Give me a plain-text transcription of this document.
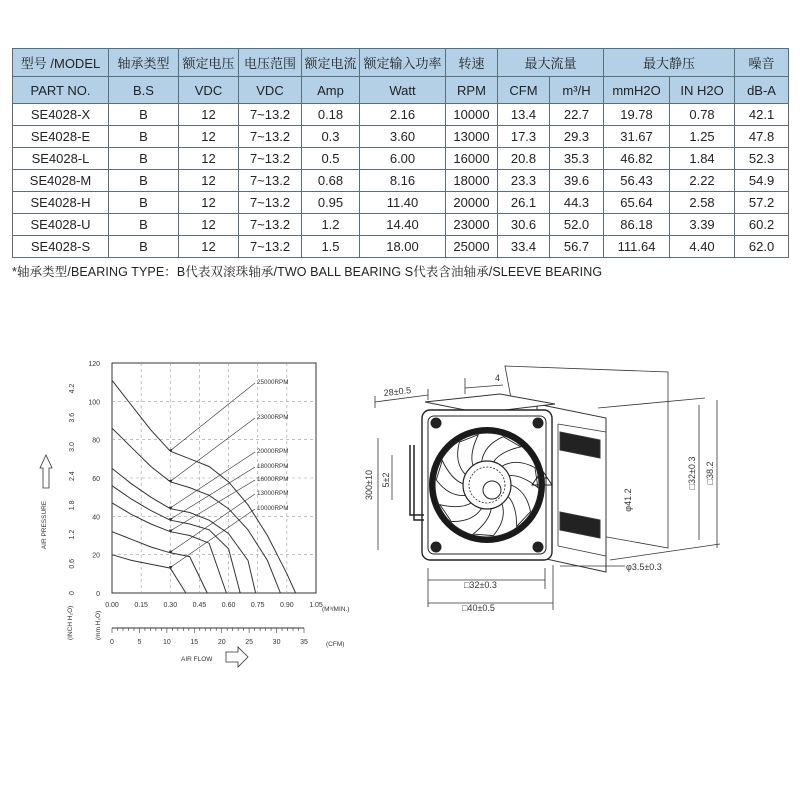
型号 /MODEL	轴承类型	额定电压	电压范围	额定电流	额定输入功率	转速	最大流量		最大静压		噪音
PART NO.	B.S	VDC	VDC	Amp	Watt	RPM	CFM	m³/H	mmH2O	IN H2O	dB-A
SE4028-X	B	12	7~13.2	0.18	2.16	10000	13.4	22.7	19.78	0.78	42.1
SE4028-E	B	12	7~13.2	0.3	3.60	13000	17.3	29.3	31.67	1.25	47.8
SE4028-L	B	12	7~13.2	0.5	6.00	16000	20.8	35.3	46.82	1.84	52.3
SE4028-M	B	12	7~13.2	0.68	8.16	18000	23.3	39.6	56.43	2.22	54.9
SE4028-H	B	12	7~13.2	0.95	11.40	20000	26.1	44.3	65.64	2.58	57.2
SE4028-U	B	12	7~13.2	1.2	14.40	23000	30.6	52.0	86.18	3.39	60.2
SE4028-S	B	12	7~13.2	1.5	18.00	25000	33.4	56.7	111.64	4.40	62.0
*轴承类型/BEARING TYPE：B代表双滚珠轴承/TWO BALL BEARING S代表含油轴承/SLEEVE BEARING
0
20
40
60
80
100
120
0.00 0.15 0.30 0.45 0.60 0.75 0.90 1.05
0
0.6
1.2
1.8
2.4
3.0
3.6
4.2
0	5	10	15	20	25	30	35
(M³/MIN.)
(CFM)
(INCH H₂O)	(mm H₂O)
AIR PRESSURE
AIR FLOW
25000RPM
23000RPM
20000RPM
18000RPM
16000RPM
13000RPM
10000RPM
28±0.5
4
300±10 5±2
□32±0.3
□40±0.5
□32±0.3 □38.2
φ41.2
φ3.5±0.3
